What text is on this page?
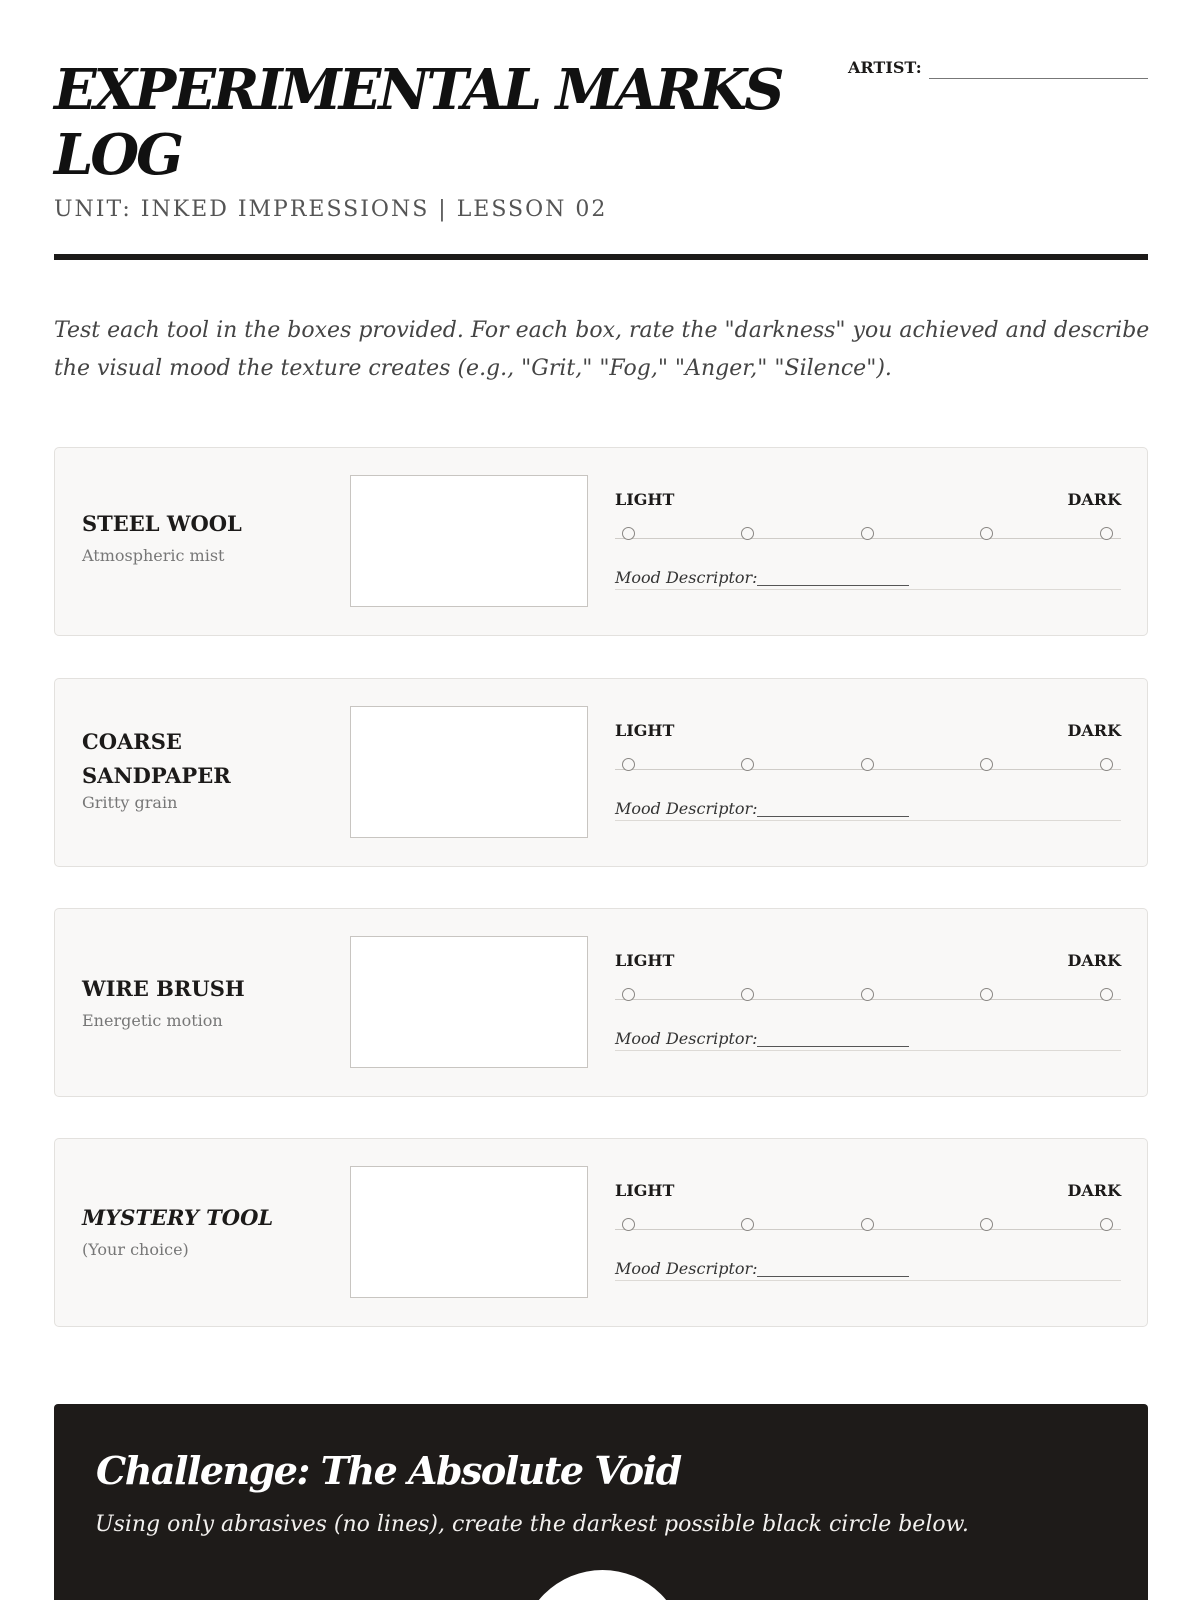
EXPERIMENTAL MARKS LOG

UNIT: INKED IMPRESSIONS | LESSON 02

ARTIST:

Test each tool in the boxes provided. For each box, rate the "darkness" you achieved and describe the visual mood the texture creates (e.g., "Grit," "Fog," "Anger," "Silence").

STEEL WOOL

Atmospheric mist

LIGHT	DARK
Mood Descriptor:
COARSE SANDPAPER

Gritty grain

LIGHT	DARK
Mood Descriptor:
WIRE BRUSH

Energetic motion

LIGHT	DARK
Mood Descriptor:
MYSTERY TOOL

(Your choice)

LIGHT	DARK
Mood Descriptor:
Challenge: The Absolute Void

Using only abrasives (no lines), create the darkest possible black circle below.
